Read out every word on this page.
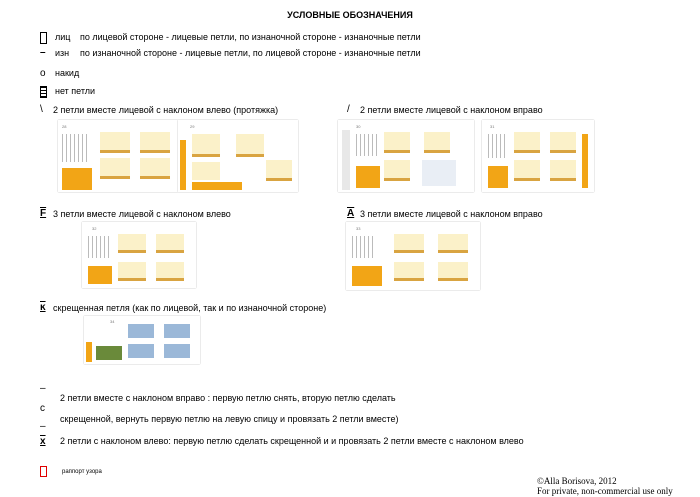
УСЛОВНЫЕ ОБОЗНАЧЕНИЯ
лиц по лицевой стороне - лицевые петли, по изнаночной стороне - изнаночные петли
– изн по изнаночной стороне - лицевые петли, по лицевой стороне - изнаночные петли
о накид
нет петли
\ 2 петли вместе лицевой с наклоном влево (протяжка)	/ 2 петли вместе лицевой с наклоном вправо
28	29	30	31
F 3 петли вместе лицевой с наклоном влево	A 3 петли вместе лицевой с наклоном вправо
32	33
ĸ скрещенная петля (как по лицевой, так и по изнаночной стороне)
34
–
c
–
2 петли вместе с наклоном вправо : первую петлю снять, вторую петлю сделать
скрещенной, вернуть первую петлю на левую спицу и провязать 2 петли вместе)
x 2 петли с наклоном влево: первую петлю сделать скрещенной и и провязать 2 петли вместе с наклоном влево
раппорт узора
©Alla Borisova, 2012
For private, non-commercial use only
